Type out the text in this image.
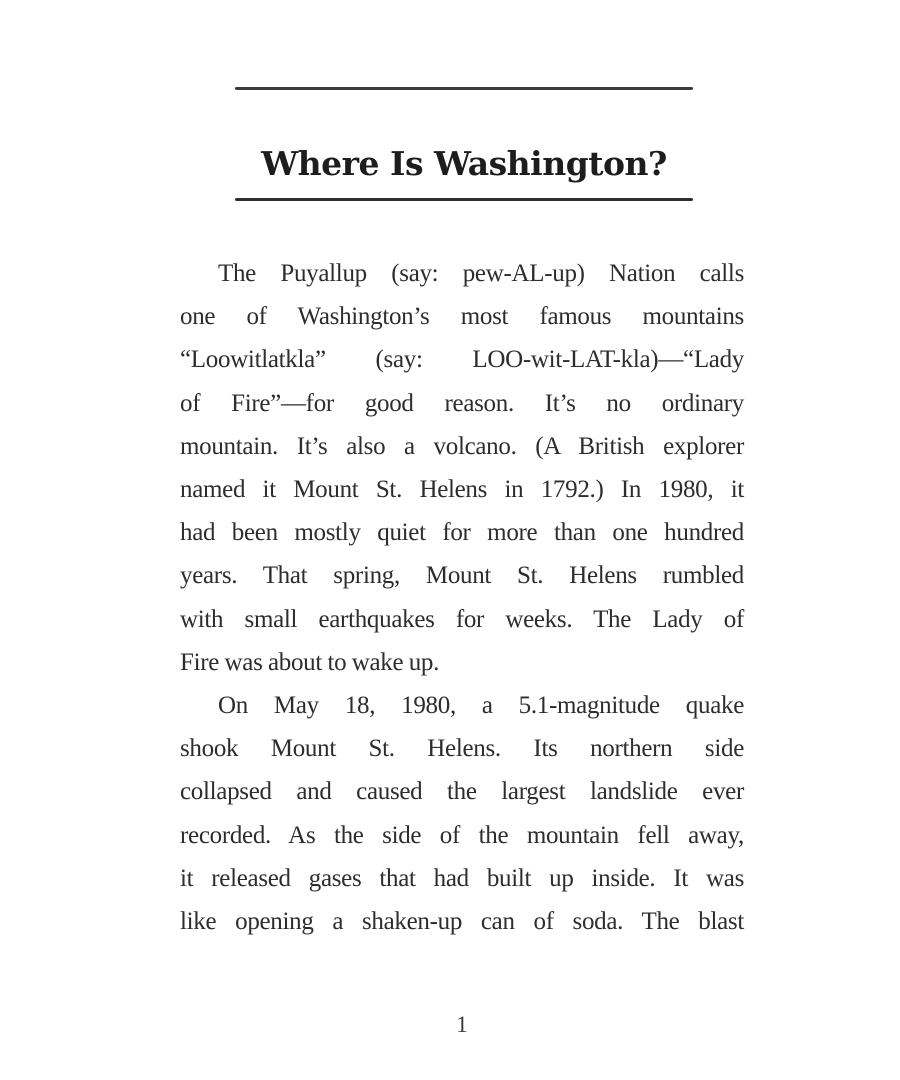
Where Is Washington?
The Puyallup (say: pew-AL-up) Nation calls
one of Washington’s most famous mountains
“Loowitlatkla” (say: LOO-wit-LAT-kla)—“Lady
of Fire”—for good reason. It’s no ordinary
mountain. It’s also a volcano. (A British explorer
named it Mount St. Helens in 1792.) In 1980, it
had been mostly quiet for more than one hundred
years. That spring, Mount St. Helens rumbled
with small earthquakes for weeks. The Lady of
Fire was about to wake up.
On May 18, 1980, a 5.1-magnitude quake
shook Mount St. Helens. Its northern side
collapsed and caused the largest landslide ever
recorded. As the side of the mountain fell away,
it released gases that had built up inside. It was
like opening a shaken-up can of soda. The blast
1
